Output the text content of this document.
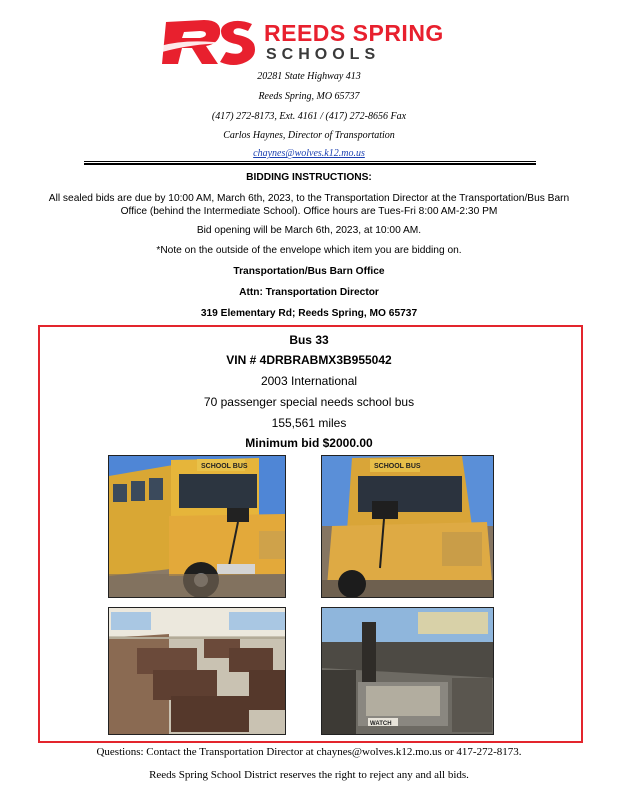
REEDS SPRING
SCHOOLS
20281 State Highway 413
Reeds Spring, MO 65737
(417) 272-8173, Ext. 4161 / (417) 272-8656 Fax
Carlos Haynes, Director of Transportation
chaynes@wolves.k12.mo.us
BIDDING INSTRUCTIONS:
All sealed bids are due by 10:00 AM, March 6th, 2023, to the Transportation Director at the Transportation/Bus Barn
Office (behind the Intermediate School). Office hours are Tues-Fri 8:00 AM-2:30 PM
Bid opening will be March 6th, 2023, at 10:00 AM.
*Note on the outside of the envelope which item you are bidding on.
Transportation/Bus Barn Office
Attn: Transportation Director
319 Elementary Rd; Reeds Spring, MO 65737
Bus 33
VIN # 4DRBRABMX3B955042
2003 International
70 passenger special needs school bus
155,561 miles
Minimum bid $2000.00
SCHOOL BUS	SCHOOL BUS
WATCH
Questions: Contact the Transportation Director at chaynes@wolves.k12.mo.us or 417-272-8173.
Reeds Spring School District reserves the right to reject any and all bids.
